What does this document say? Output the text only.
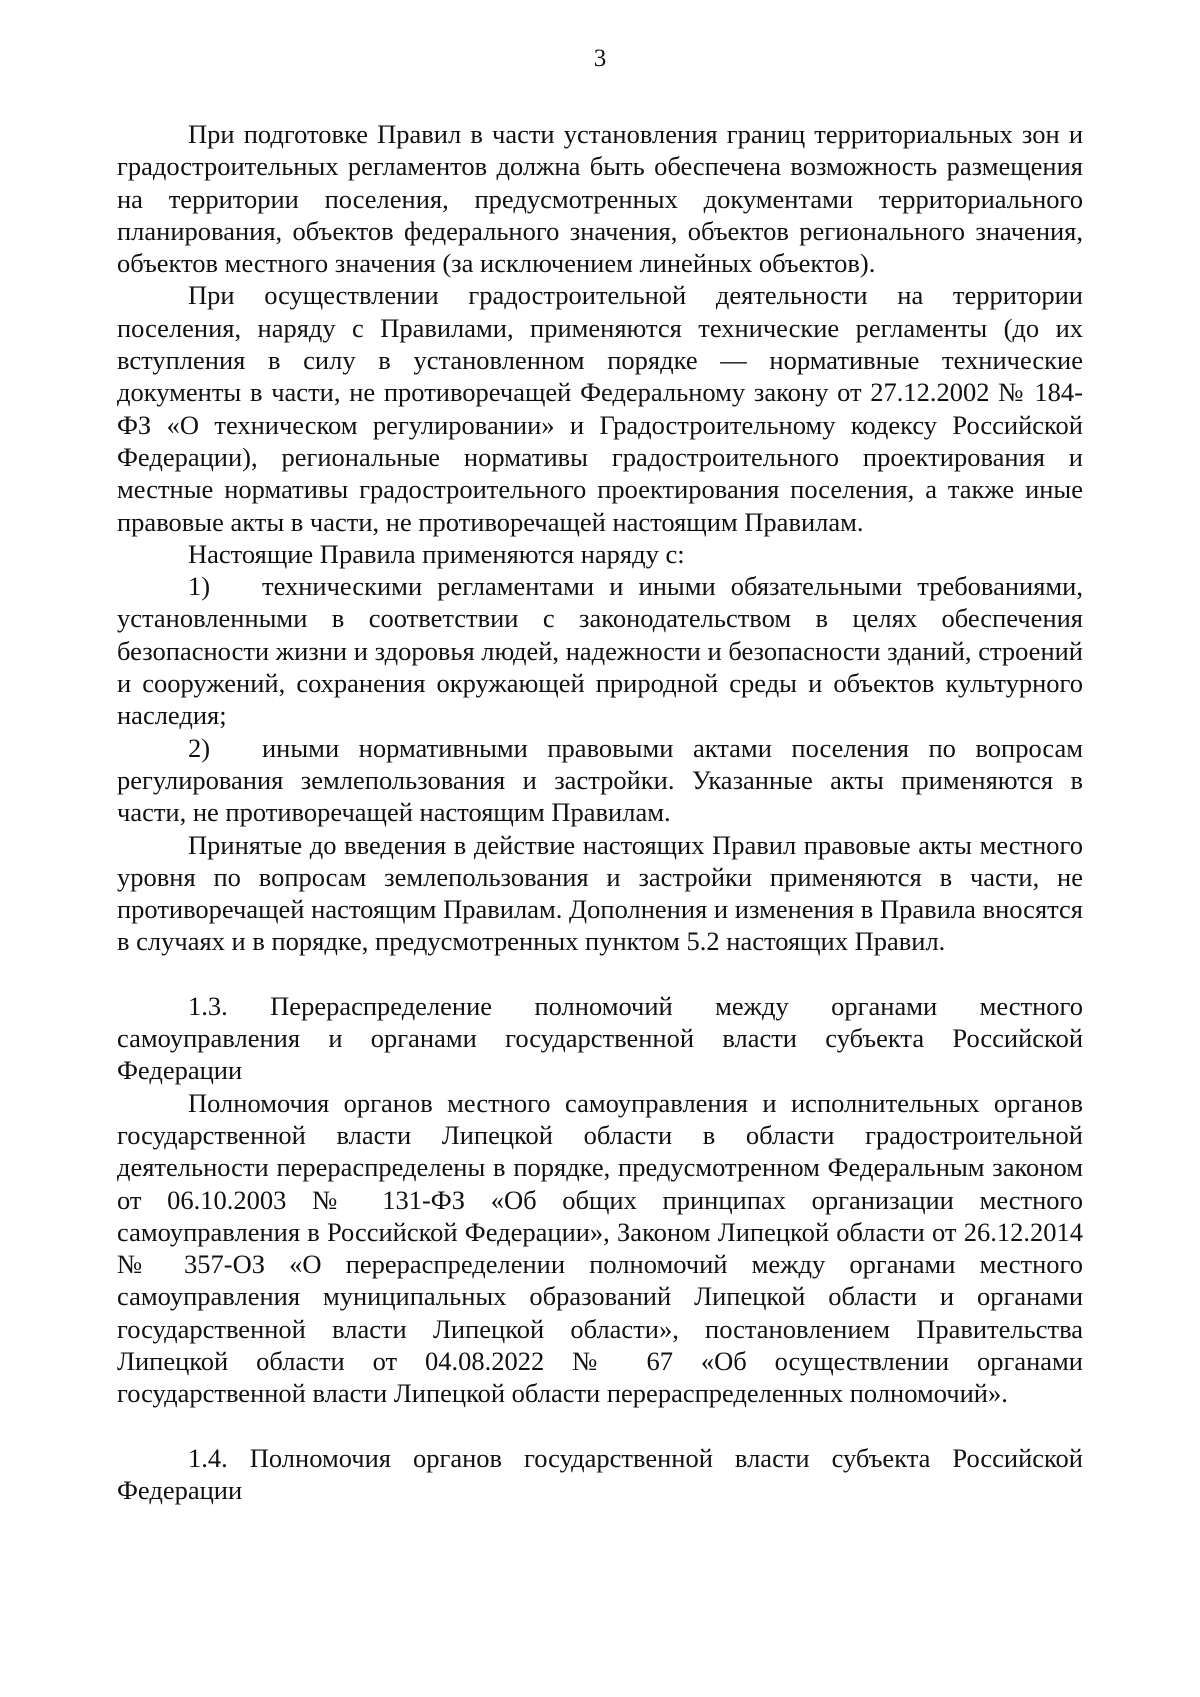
3

При подготовке Правил в части установления границ территориальных зон и градостроительных регламентов должна быть обеспечена возможность размещения на территории поселения, предусмотренных документами территориального планирования, объектов федерального значения, объектов регионального значения, объектов местного значения (за исключением линейных объектов).

При осуществлении градостроительной деятельности на территории поселения, наряду с Правилами, применяются технические регламенты (до их вступления в силу в установленном порядке — нормативные технические документы в части, не противоречащей Федеральному закону от 27.12.2002 № 184-ФЗ «О техническом регулировании» и Градостроительному кодексу Российской Федерации), региональные нормативы градостроительного проектирования и местные нормативы градостроительного проектирования поселения, а также иные правовые акты в части, не противоречащей настоящим Правилам.

Настоящие Правила применяются наряду с:

1) техническими регламентами и иными обязательными требованиями, установленными в соответствии с законодательством в целях обеспечения безопасности жизни и здоровья людей, надежности и безопасности зданий, строений и сооружений, сохранения окружающей природной среды и объектов культурного наследия;

2) иными нормативными правовыми актами поселения по вопросам регулирования землепользования и застройки. Указанные акты применяются в части, не противоречащей настоящим Правилам.

Принятые до введения в действие настоящих Правил правовые акты местного уровня по вопросам землепользования и застройки применяются в части, не противоречащей настоящим Правилам. Дополнения и изменения в Правила вносятся в случаях и в порядке, предусмотренных пунктом 5.2 настоящих Правил.

1.3. Перераспределение полномочий между органами местного самоуправления и органами государственной власти субъекта Российской Федерации

Полномочия органов местного самоуправления и исполнительных органов государственной власти Липецкой области в области градостроительной деятельности перераспределены в порядке, предусмотренном Федеральным законом от 06.10.2003 № 131-ФЗ «Об общих принципах организации местного самоуправления в Российской Федерации», Законом Липецкой области от 26.12.2014 № 357-ОЗ «О перераспределении полномочий между органами местного самоуправления муниципальных образований Липецкой области и органами государственной власти Липецкой области», постановлением Правительства Липецкой области от 04.08.2022 № 67 «Об осуществлении органами государственной власти Липецкой области перераспределенных полномочий».

1.4. Полномочия органов государственной власти субъекта Российской Федерации
